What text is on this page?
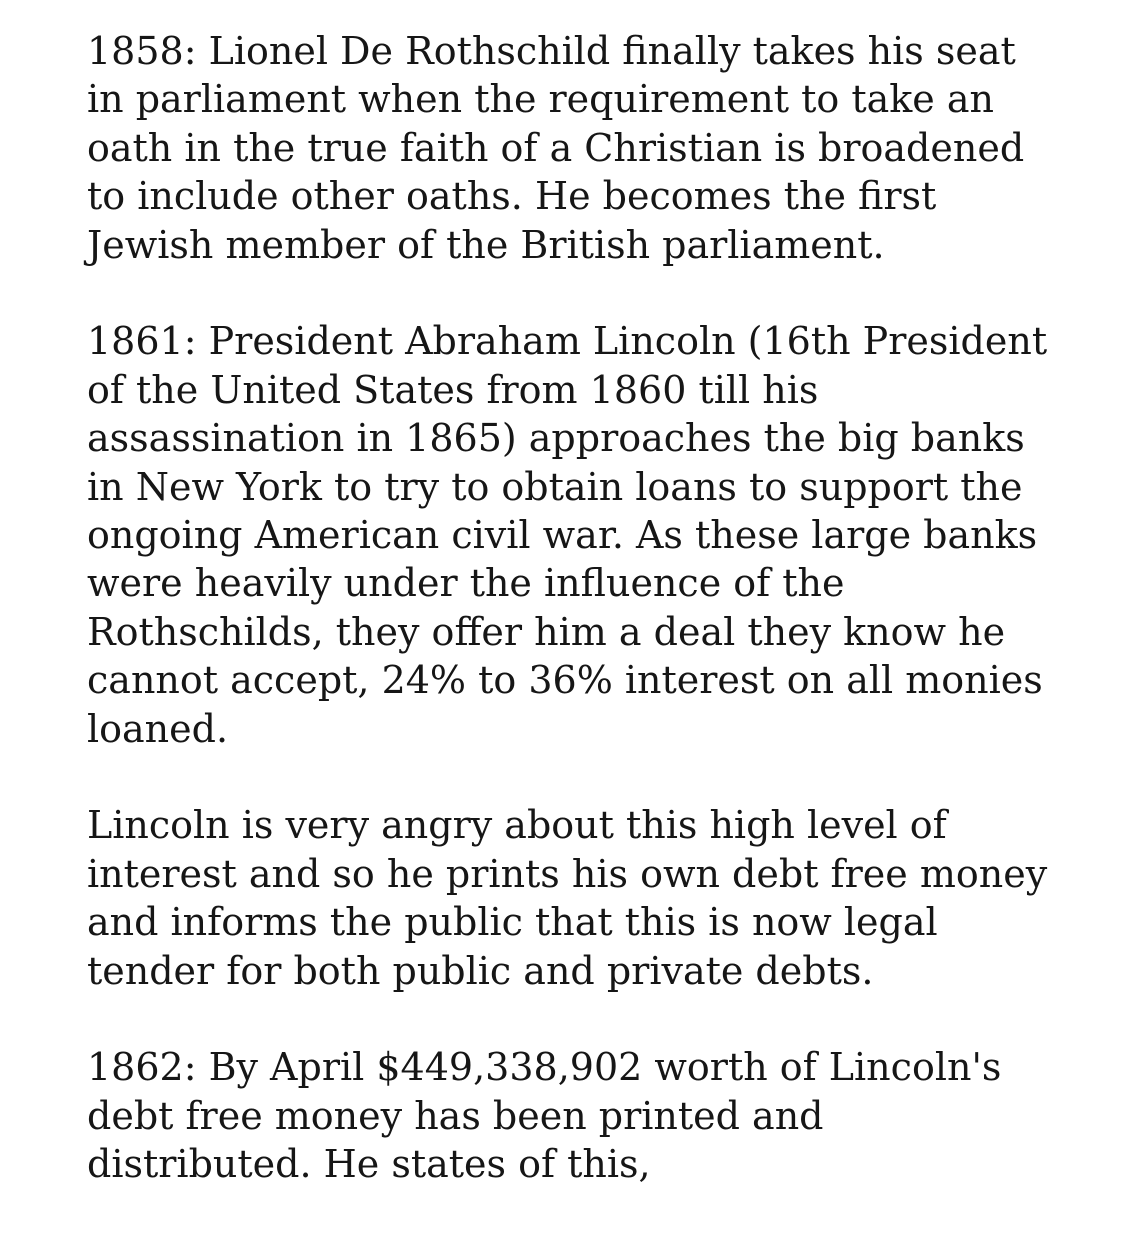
1858: Lionel De Rothschild finally takes his seat
in parliament when the requirement to take an
oath in the true faith of a Christian is broadened
to include other oaths. He becomes the first
Jewish member of the British parliament.

1861: President Abraham Lincoln (16th President
of the United States from 1860 till his
assassination in 1865) approaches the big banks
in New York to try to obtain loans to support the
ongoing American civil war. As these large banks
were heavily under the influence of the
Rothschilds, they offer him a deal they know he
cannot accept, 24% to 36% interest on all monies
loaned.

Lincoln is very angry about this high level of
interest and so he prints his own debt free money
and informs the public that this is now legal
tender for both public and private debts.

1862: By April $449,338,902 worth of Lincoln's
debt free money has been printed and
distributed. He states of this,
